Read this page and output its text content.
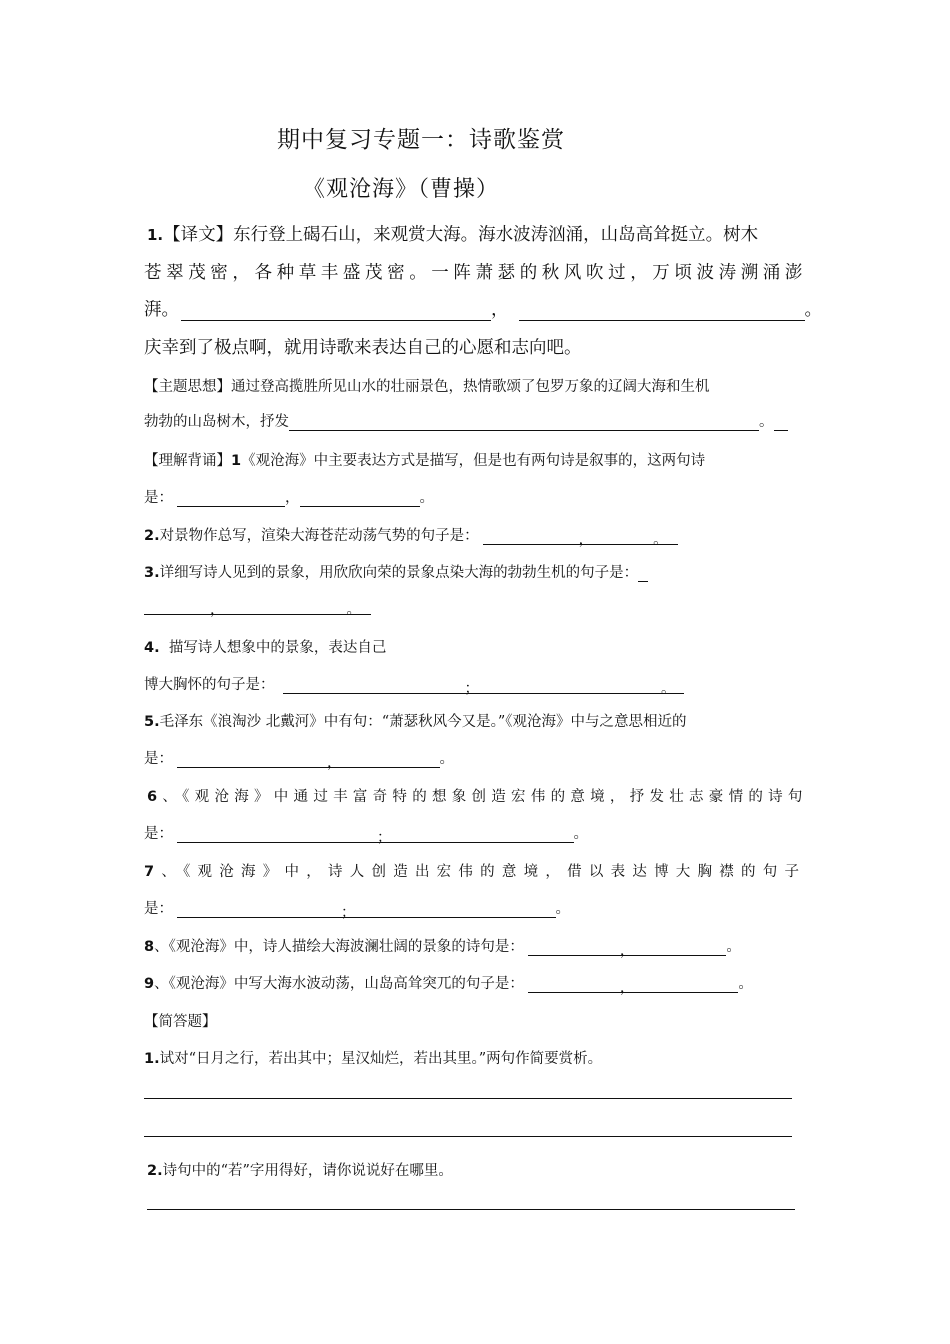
期中复习专题一：诗歌鉴赏
《观沧海》（曹操）
1.【译文】东行登上碣石山，来观赏大海。海水波涛汹涌，山岛高耸挺立。树木
苍翠茂密，各种草丰盛茂密。一阵萧瑟的秋风吹过，万顷波涛溯涌澎
湃。	，	。
庆幸到了极点啊，就用诗歌来表达自己的心愿和志向吧。
【主题思想】通过登高揽胜所见山水的壮丽景色，热情歌颂了包罗万象的辽阔大海和生机
勃勃的山岛树木，抒发	。
【理解背诵】1《观沧海》中主要表达方式是描写，但是也有两句诗是叙事的，这两句诗
是：	，	。
2.对景物作总写，渲染大海苍茫动荡气势的句子是：	，	。
3.详细写诗人见到的景象，用欣欣向荣的景象点染大海的勃勃生机的句子是：
，	。
4.  描写诗人想象中的景象，表达自己
博大胸怀的句子是：	；	。
5.毛泽东《浪淘沙 北戴河》中有句：“萧瑟秋风今又是。”《观沧海》中与之意思相近的
是：	，	。
6、《观沧海》中通过丰富奇特的想象创造宏伟的意境，抒发壮志豪情的诗句
是：	；	。
7、《观沧海》中，诗人创造出宏伟的意境，借以表达博大胸襟的句子
是：	；	。
8、《观沧海》中，诗人描绘大海波澜壮阔的景象的诗句是：	，	。
9、《观沧海》中写大海水波动荡，山岛高耸突兀的句子是：	，	。
【简答题】
1.试对“日月之行，若出其中；星汉灿烂，若出其里。”两句作简要赏析。
2.诗句中的“若”字用得好，请你说说好在哪里。
